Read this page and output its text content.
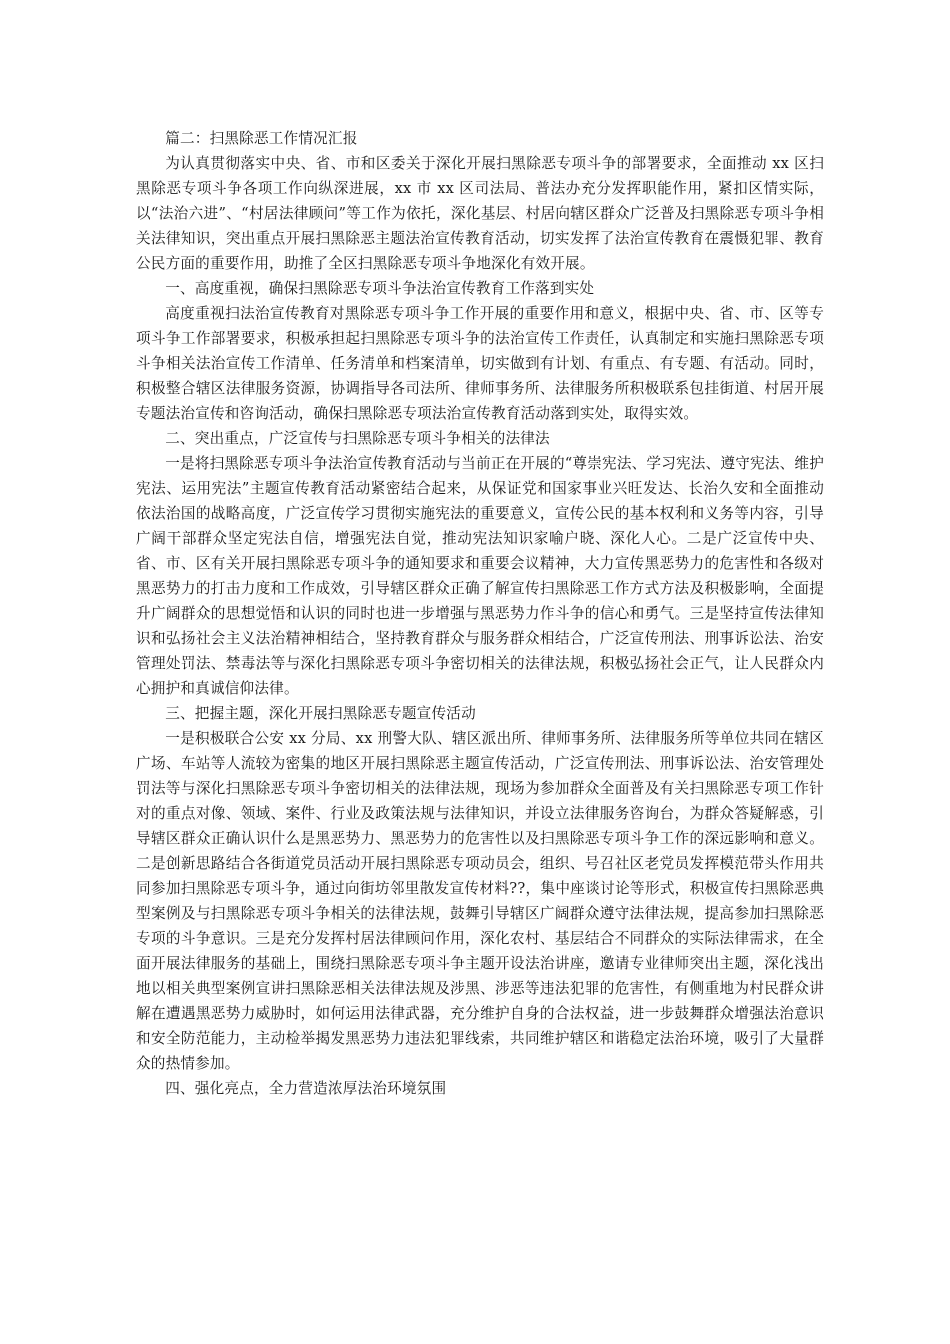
篇二：扫黑除恶工作情况汇报

为认真贯彻落实中央、省、市和区委关于深化开展扫黑除恶专项斗争的部署要求，全面推动 xx 区扫黑除恶专项斗争各项工作向纵深进展，xx 市 xx 区司法局、普法办充分发挥职能作用，紧扣区情实际，以“法治六进”、“村居法律顾问”等工作为依托，深化基层、村居向辖区群众广泛普及扫黑除恶专项斗争相关法律知识，突出重点开展扫黑除恶主题法治宣传教育活动，切实发挥了法治宣传教育在震慑犯罪、教育公民方面的重要作用，助推了全区扫黑除恶专项斗争地深化有效开展。

一、高度重视，确保扫黑除恶专项斗争法治宣传教育工作落到实处

高度重视扫法治宣传教育对黑除恶专项斗争工作开展的重要作用和意义，根据中央、省、市、区等专项斗争工作部署要求，积极承担起扫黑除恶专项斗争的法治宣传工作责任，认真制定和实施扫黑除恶专项斗争相关法治宣传工作清单、任务清单和档案清单，切实做到有计划、有重点、有专题、有活动。同时，积极整合辖区法律服务资源，协调指导各司法所、律师事务所、法律服务所积极联系包挂街道、村居开展专题法治宣传和咨询活动，确保扫黑除恶专项法治宣传教育活动落到实处，取得实效。

二、突出重点，广泛宣传与扫黑除恶专项斗争相关的法律法

一是将扫黑除恶专项斗争法治宣传教育活动与当前正在开展的“尊崇宪法、学习宪法、遵守宪法、维护宪法、运用宪法”主题宣传教育活动紧密结合起来，从保证党和国家事业兴旺发达、长治久安和全面推动依法治国的战略高度，广泛宣传学习贯彻实施宪法的重要意义，宣传公民的基本权利和义务等内容，引导广阔干部群众坚定宪法自信，增强宪法自觉，推动宪法知识家喻户晓、深化人心。二是广泛宣传中央、省、市、区有关开展扫黑除恶专项斗争的通知要求和重要会议精神，大力宣传黑恶势力的危害性和各级对黑恶势力的打击力度和工作成效，引导辖区群众正确了解宣传扫黑除恶工作方式方法及积极影响，全面提升广阔群众的思想觉悟和认识的同时也进一步增强与黑恶势力作斗争的信心和勇气。三是坚持宣传法律知识和弘扬社会主义法治精神相结合，坚持教育群众与服务群众相结合，广泛宣传刑法、刑事诉讼法、治安管理处罚法、禁毒法等与深化扫黑除恶专项斗争密切相关的法律法规，积极弘扬社会正气，让人民群众内心拥护和真诚信仰法律。

三、把握主题，深化开展扫黑除恶专题宣传活动

一是积极联合公安 xx 分局、xx 刑警大队、辖区派出所、律师事务所、法律服务所等单位共同在辖区广场、车站等人流较为密集的地区开展扫黑除恶主题宣传活动，广泛宣传刑法、刑事诉讼法、治安管理处罚法等与深化扫黑除恶专项斗争密切相关的法律法规，现场为参加群众全面普及有关扫黑除恶专项工作针对的重点对像、领域、案件、行业及政策法规与法律知识，并设立法律服务咨询台，为群众答疑解惑，引导辖区群众正确认识什么是黑恶势力、黑恶势力的危害性以及扫黑除恶专项斗争工作的深远影响和意义。二是创新思路结合各街道党员活动开展扫黑除恶专项动员会，组织、号召社区老党员发挥模范带头作用共同参加扫黑除恶专项斗争，通过向街坊邻里散发宣传材料??，集中座谈讨论等形式，积极宣传扫黑除恶典型案例及与扫黑除恶专项斗争相关的法律法规，鼓舞引导辖区广阔群众遵守法律法规，提高参加扫黑除恶专项的斗争意识。三是充分发挥村居法律顾问作用，深化农村、基层结合不同群众的实际法律需求，在全面开展法律服务的基础上，围绕扫黑除恶专项斗争主题开设法治讲座，邀请专业律师突出主题，深化浅出地以相关典型案例宣讲扫黑除恶相关法律法规及涉黑、涉恶等违法犯罪的危害性，有侧重地为村民群众讲解在遭遇黑恶势力威胁时，如何运用法律武器，充分维护自身的合法权益，进一步鼓舞群众增强法治意识和安全防范能力，主动检举揭发黑恶势力违法犯罪线索，共同维护辖区和谐稳定法治环境，吸引了大量群众的热情参加。

四、强化亮点，全力营造浓厚法治环境氛围
